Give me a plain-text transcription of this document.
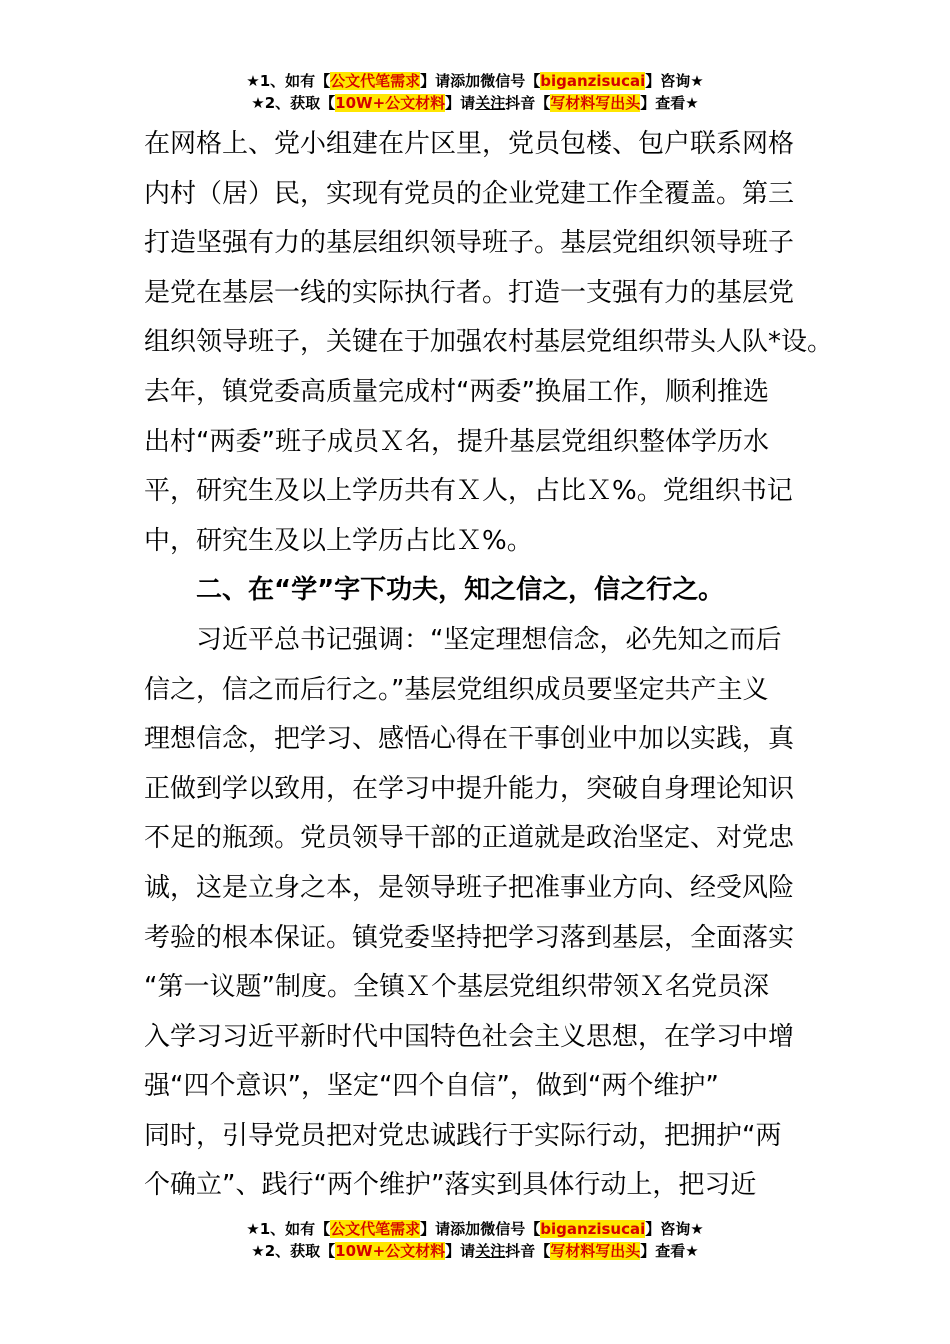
★1、如有【公文代笔需求】请添加微信号【biganzisucai】咨询★
★2、获取【10W+公文材料】请关注抖音【写材料写出头】查看★
在网格上、党小组建在片区里，党员包楼、包户联系网格
内村（居）民，实现有党员的企业党建工作全覆盖。第三
打造坚强有力的基层组织领导班子。基层党组织领导班子
是党在基层一线的实际执行者。打造一支强有力的基层党
组织领导班子，关键在于加强农村基层党组织带头人队*设。
去年，镇党委高质量完成村“两委”换届工作，顺利推选
出村“两委”班子成员Ｘ名，提升基层党组织整体学历水
平，研究生及以上学历共有Ｘ人，占比Ｘ%。党组织书记
中，研究生及以上学历占比Ｘ%。
二、在“学”字下功夫，知之信之，信之行之。
习近平总书记强调：“坚定理想信念，必先知之而后
信之，信之而后行之。”基层党组织成员要坚定共产主义
理想信念，把学习、感悟心得在干事创业中加以实践，真
正做到学以致用，在学习中提升能力，突破自身理论知识
不足的瓶颈。党员领导干部的正道就是政治坚定、对党忠
诚，这是立身之本，是领导班子把准事业方向、经受风险
考验的根本保证。镇党委坚持把学习落到基层，全面落实
“第一议题”制度。全镇Ｘ个基层党组织带领Ｘ名党员深
入学习习近平新时代中国特色社会主义思想，在学习中增
强“四个意识”，坚定“四个自信”，做到“两个维护”
同时，引导党员把对党忠诚践行于实际行动，把拥护“两
个确立”、践行“两个维护”落实到具体行动上，把习近
★1、如有【公文代笔需求】请添加微信号【biganzisucai】咨询★
★2、获取【10W+公文材料】请关注抖音【写材料写出头】查看★
